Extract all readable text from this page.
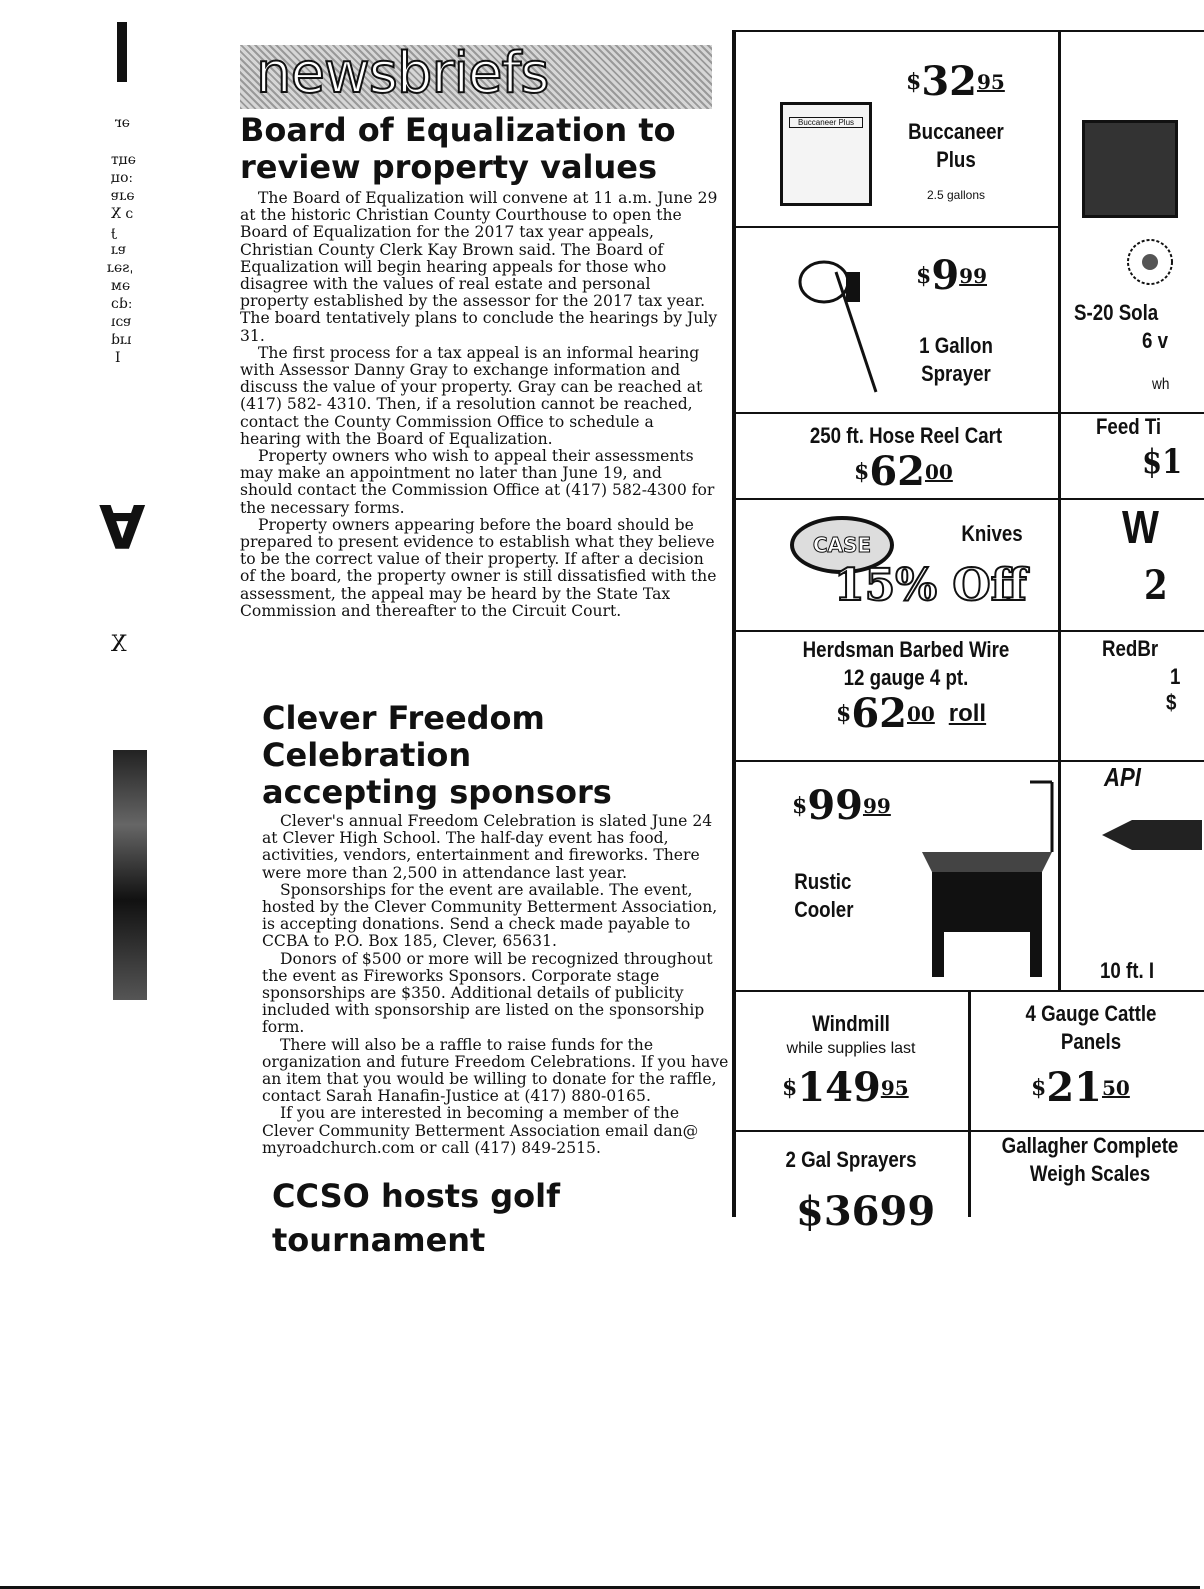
ər
əцт
ːоц
əɹɐ
ɔ X
ɟ
ɐɹ
ˌsəɹ
əм
ːdɔ
ɐɔı
ıɹd
I
A
X
newsbriefs
Board of Equalization to
review property values

The Board of Equalization will convene at 11 a.m. June 29 at the historic Christian County Courthouse to open the Board of Equalization for the 2017 tax year appeals, Christian County Clerk Kay Brown said. The Board of Equalization will begin hearing appeals for those who disagree with the values of real estate and personal property established by the assessor for the 2017 tax year. The board tentatively plans to conclude the hearings by July 31.

The first process for a tax appeal is an informal hearing with Assessor Danny Gray to exchange information and discuss the value of your property. Gray can be reached at (417) 582- 4310. Then, if a resolution cannot be reached, contact the County Commission Office to schedule a hearing with the Board of Equalization.

Property owners who wish to appeal their assessments may make an appointment no later than June 19, and should contact the Commission Office at (417) 582-4300 for the necessary forms.

Property owners appearing before the board should be prepared to present evidence to establish what they believe to be the correct value of their property. If after a decision of the board, the property owner is still dissatisfied with the assessment, the appeal may be heard by the State Tax Commission and thereafter to the Circuit Court.

Clever Freedom Celebration
accepting sponsors

Clever's annual Freedom Celebration is slated June 24 at Clever High School. The half-day event has food, activities, vendors, entertainment and fireworks. There were more than 2,500 in attendance last year.

Sponsorships for the event are available. The event, hosted by the Clever Community Betterment Association, is accepting donations. Send a check made payable to CCBA to P.O. Box 185, Clever, 65631.

Donors of $500 or more will be recognized throughout the event as Fireworks Sponsors. Corporate stage sponsorships are $350. Additional details of publicity included with sponsorship are listed on the sponsorship form.

There will also be a raffle to raise funds for the organization and future Freedom Celebrations. If you have an item that you would be willing to donate for the raffle, contact Sarah Hanafin-Justice at (417) 880-0165.

If you are interested in becoming a member of the Clever Community Betterment Association email dan@ myroadchurch.com or call (417) 849-2515.

CCSO hosts golf tournament
Buccaneer Plus
$^{\$}32^{95}$
Buccaneer
Plus
2.5 gallons
$^{\$}9^{99}$
1 Gallon
Sprayer
S-20 Sola
6 v
wh
250 ft. Hose Reel Cart
$^{\$}62^{00}$
Feed Ti
$1
CASE	Knives
15% Off
W
2
Herdsman Barbed Wire
12 gauge 4 pt.
$^{\$}62^{00}$ $^{roll}$
RedBr
1
$
$^{\$}99^{99}$
Rustic
Cooler
API
10 ft. I
Windmill
while supplies last
$^{\$}149^{95}$
4 Gauge Cattle
Panels
$^{\$}21^{50}$
2 Gal Sprayers
$3699
Gallagher Complete
Weigh Scales
